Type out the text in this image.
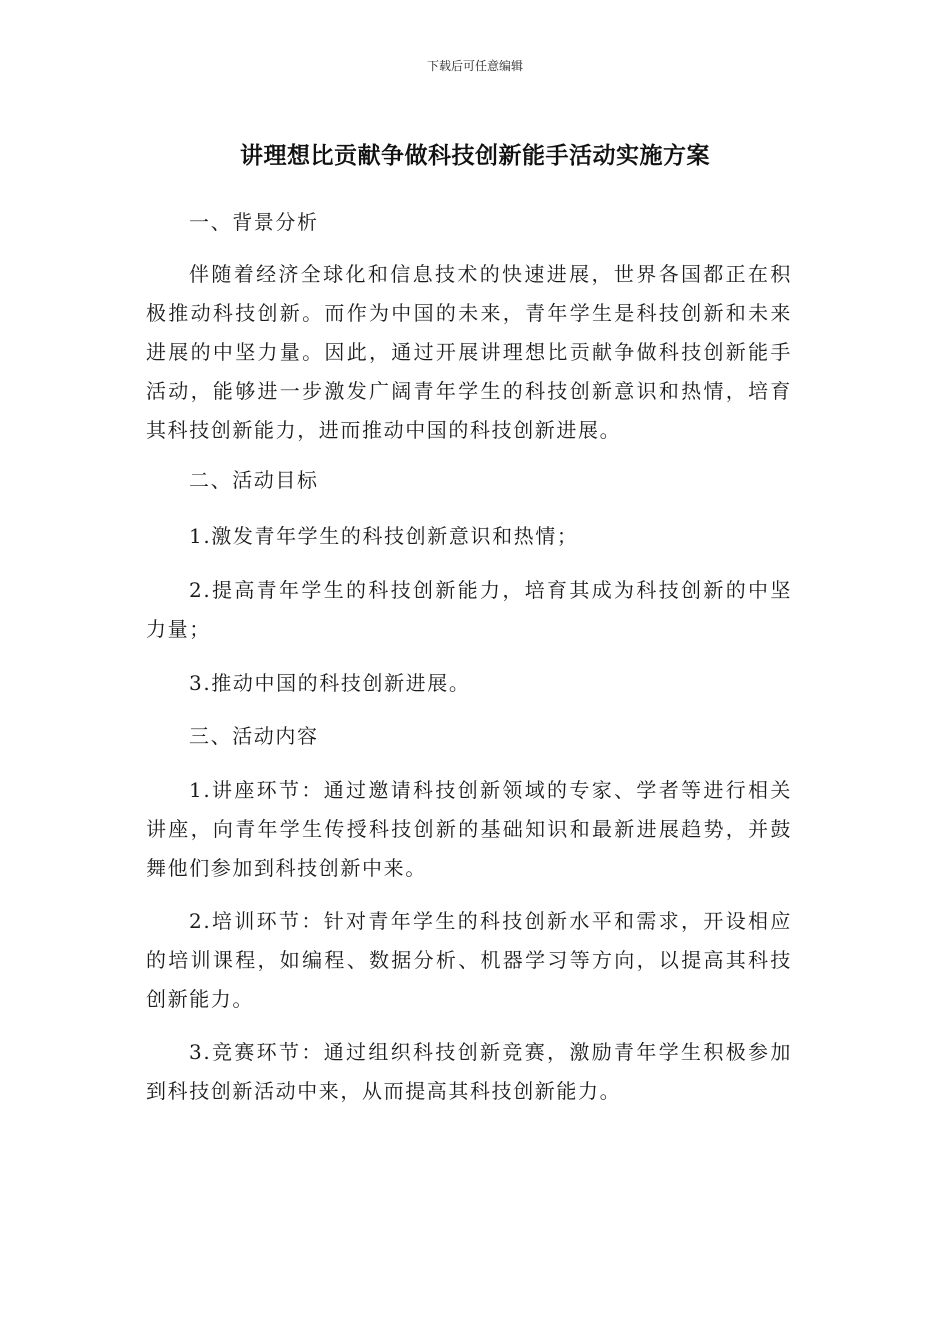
下载后可任意编辑
讲理想比贡献争做科技创新能手活动实施方案

一、背景分析

伴随着经济全球化和信息技术的快速进展，世界各国都正在积极推动科技创新。而作为中国的未来，青年学生是科技创新和未来进展的中坚力量。因此，通过开展讲理想比贡献争做科技创新能手活动，能够进一步激发广阔青年学生的科技创新意识和热情，培育其科技创新能力，进而推动中国的科技创新进展。

二、活动目标

1.激发青年学生的科技创新意识和热情；

2.提高青年学生的科技创新能力，培育其成为科技创新的中坚力量；

3.推动中国的科技创新进展。

三、活动内容

1.讲座环节：通过邀请科技创新领域的专家、学者等进行相关讲座，向青年学生传授科技创新的基础知识和最新进展趋势，并鼓舞他们参加到科技创新中来。

2.培训环节：针对青年学生的科技创新水平和需求，开设相应的培训课程，如编程、数据分析、机器学习等方向，以提高其科技创新能力。

3.竞赛环节：通过组织科技创新竞赛，激励青年学生积极参加到科技创新活动中来，从而提高其科技创新能力。
